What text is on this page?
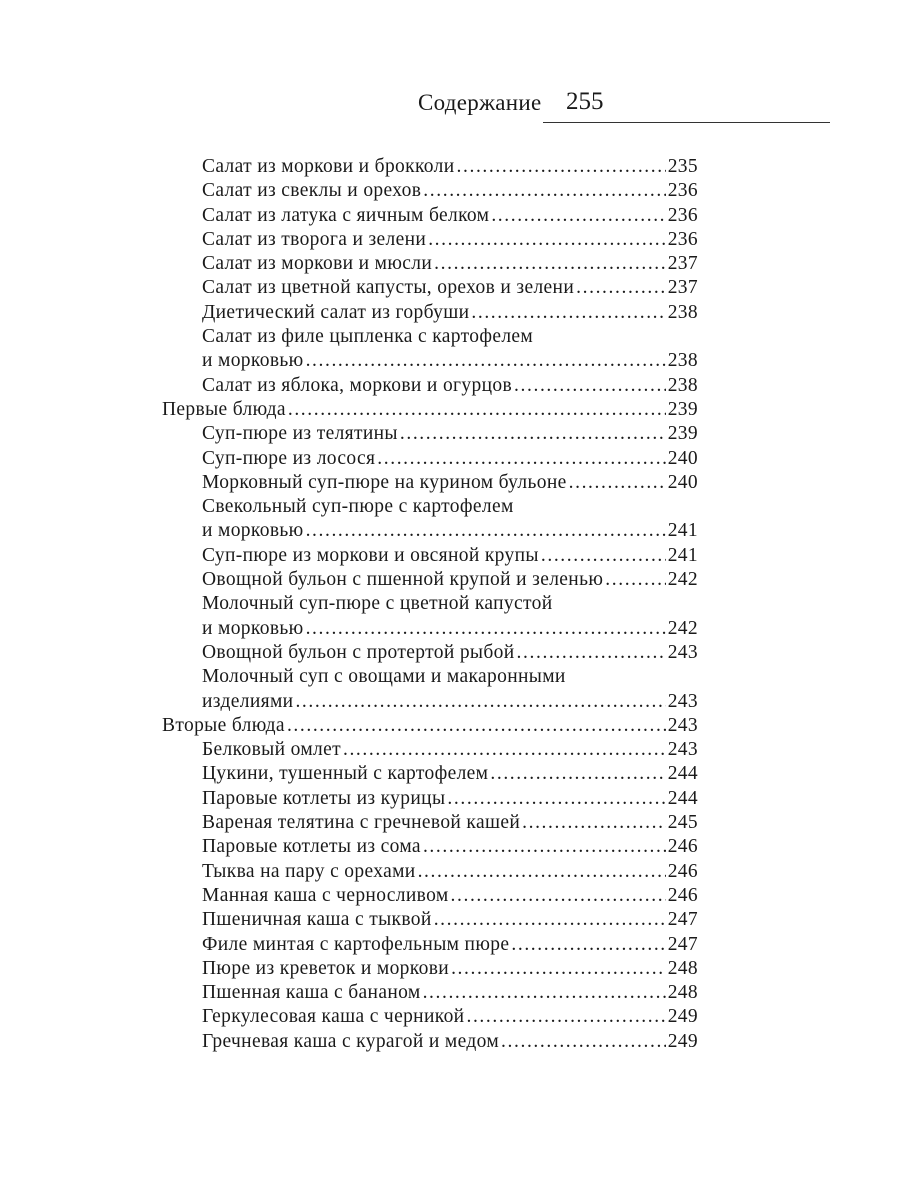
Содержание 255
Салат из моркови и брокколи .....	235
Салат из свеклы и орехов .....	236
Салат из латука с яичным белком .....	236
Салат из творога и зелени .....	236
Салат из моркови и мюсли .....	237
Салат из цветной капусты, орехов и зелени .....	237
Диетический салат из горбуши .....	238
Салат из филе цыпленка с картофелем
и морковью .....	238
Салат из яблока, моркови и огурцов .....	238
Первые блюда .....	239
Суп-пюре из телятины .....	239
Суп-пюре из лосося .....	240
Морковный суп-пюре на курином бульоне .....	240
Свекольный суп-пюре с картофелем
и морковью .....	241
Суп-пюре из моркови и овсяной крупы .....	241
Овощной бульон с пшенной крупой и зеленью .....	242
Молочный суп-пюре с цветной капустой
и морковью .....	242
Овощной бульон с протертой рыбой .....	243
Молочный суп с овощами и макаронными
изделиями .....	243
Вторые блюда .....	243
Белковый омлет .....	243
Цукини, тушенный с картофелем .....	244
Паровые котлеты из курицы .....	244
Вареная телятина с гречневой кашей .....	245
Паровые котлеты из сома .....	246
Тыква на пару с орехами .....	246
Манная каша с черносливом .....	246
Пшеничная каша с тыквой .....	247
Филе минтая с картофельным пюре .....	247
Пюре из креветок и моркови .....	248
Пшенная каша с бананом .....	248
Геркулесовая каша с черникой .....	249
Гречневая каша с курагой и медом .....	249
